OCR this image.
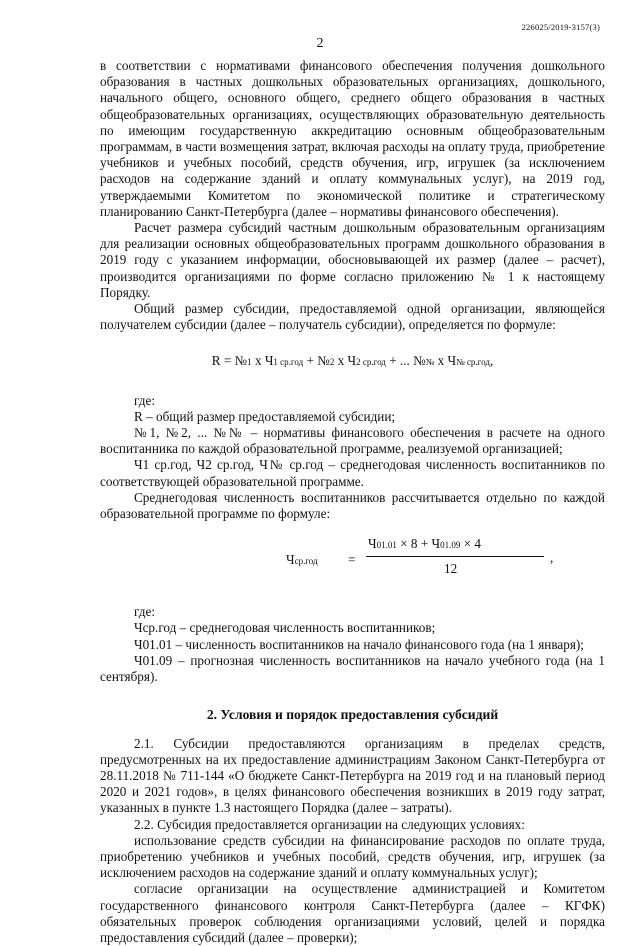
226025/2019-3157(3)
2

в соответствии с нормативами финансового обеспечения получения дошкольного образования в частных дошкольных образовательных организациях, дошкольного, начального общего, основного общего, среднего общего образования в частных общеобразовательных организациях, осуществляющих образовательную деятельность по имеющим государственную аккредитацию основным общеобразовательным программам, в части возмещения затрат, включая расходы на оплату труда, приобретение учебников и учебных пособий, средств обучения, игр, игрушек (за исключением расходов на содержание зданий и оплату коммунальных услуг), на 2019 год, утверждаемыми Комитетом по экономической политике и стратегическому планированию Санкт-Петербурга (далее – нормативы финансового обеспечения).

Расчет размера субсидий частным дошкольным образовательным организациям для реализации основных общеобразовательных программ дошкольного образования в 2019 году с указанием информации, обосновывающей их размер (далее – расчет), производится организациями по форме согласно приложению № 1 к настоящему Порядку.

Общий размер субсидии, предоставляемой одной организации, являющейся получателем субсидии (далее – получатель субсидии), определяется по формуле:

R = №1 х Ч1 ср.год + №2 х Ч2 ср.год + ... №№ х Ч№ ср.год,

где:

R – общий размер предоставляемой субсидии;

№1, №2, ... №№ – нормативы финансового обеспечения в расчете на одного воспитанника по каждой образовательной программе, реализуемой организацией;

Ч1 ср.год, Ч2 ср.год, Ч№ ср.год – среднегодовая численность воспитанников по соответствующей образовательной программе.

Среднегодовая численность воспитанников рассчитывается отдельно по каждой образовательной программе по формуле:

Чср.год =
Ч01.01 × 8 + Ч01.09 × 4
12
,

где:

Чср.год – среднегодовая численность воспитанников;

Ч01.01 – численность воспитанников на начало финансового года (на 1 января);

Ч01.09 – прогнозная численность воспитанников на начало учебного года (на 1 сентября).

2. Условия и порядок предоставления субсидий

2.1. Субсидии предоставляются организациям в пределах средств, предусмотренных на их предоставление администрациям Законом Санкт-Петербурга от 28.11.2018 № 711-144 «О бюджете Санкт-Петербурга на 2019 год и на плановый период 2020 и 2021 годов», в целях финансового обеспечения возникших в 2019 году затрат, указанных в пункте 1.3 настоящего Порядка (далее – затраты).

2.2. Субсидия предоставляется организации на следующих условиях:

использование средств субсидии на финансирование расходов по оплате труда, приобретению учебников и учебных пособий, средств обучения, игр, игрушек (за исключением расходов на содержание зданий и оплату коммунальных услуг);

согласие организации на осуществление администрацией и Комитетом государственного финансового контроля Санкт-Петербурга (далее – КГФК) обязательных проверок соблюдения организациями условий, целей и порядка предоставления субсидий (далее – проверки);
